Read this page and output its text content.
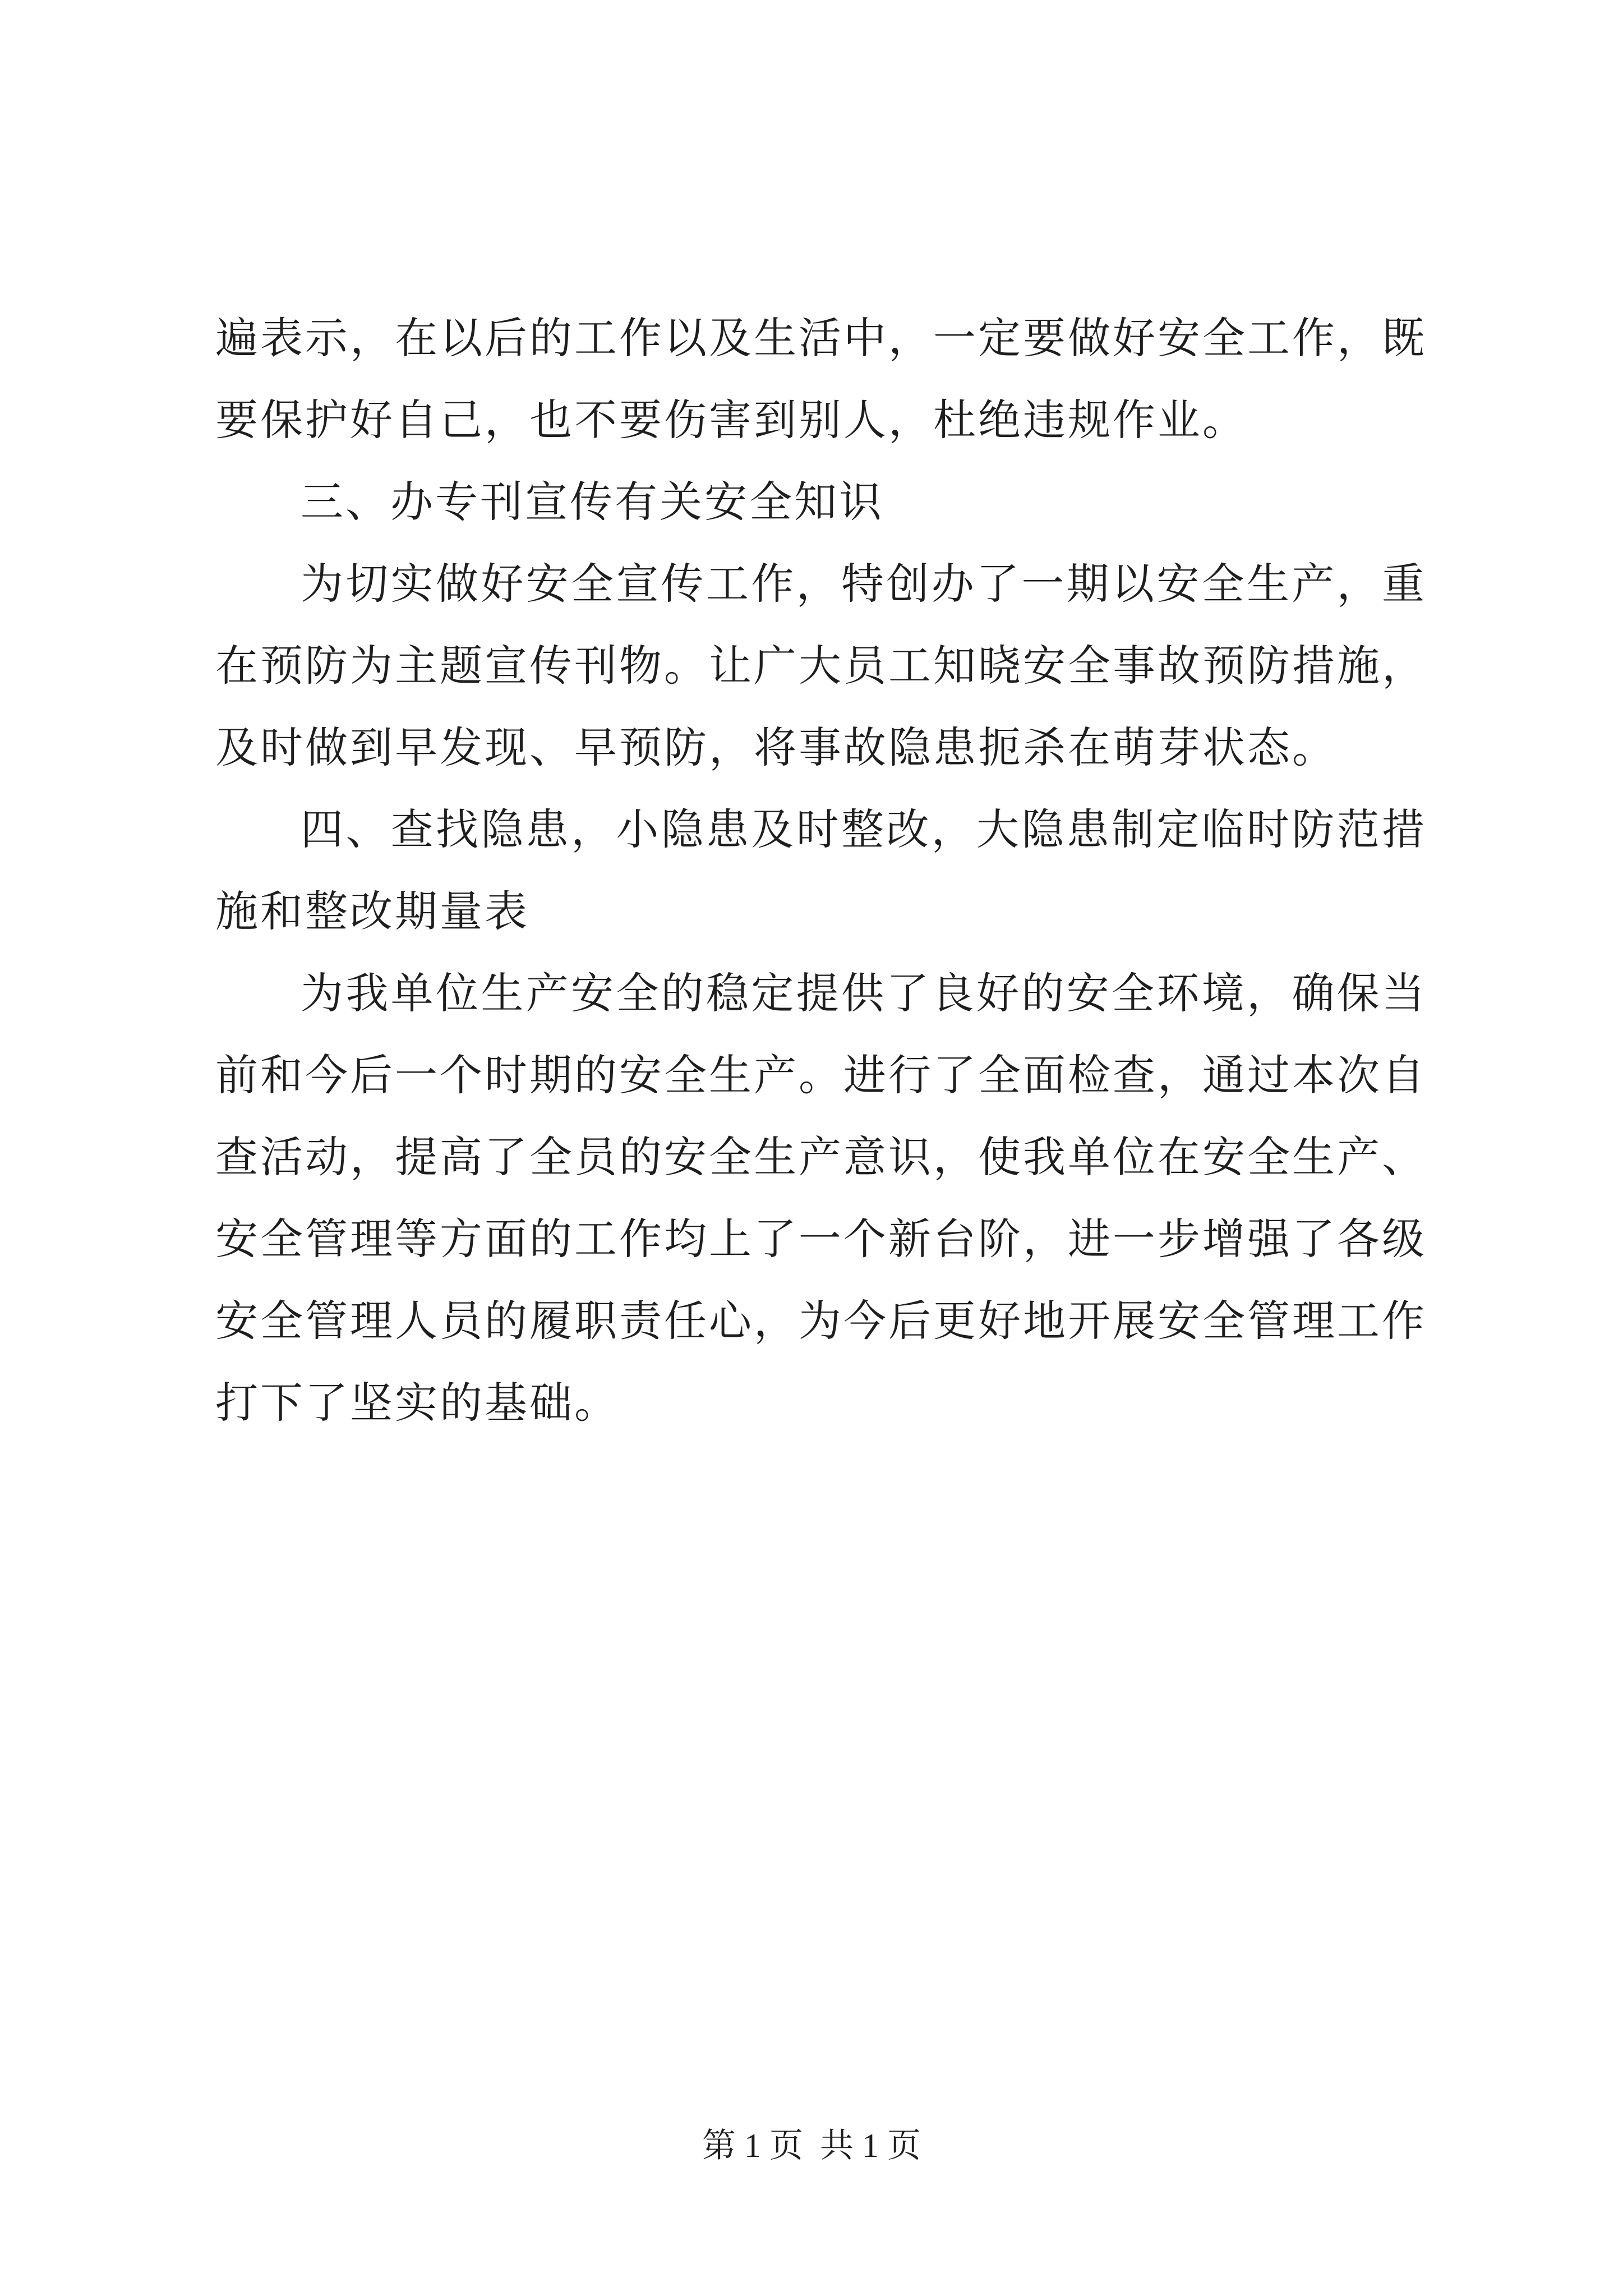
遍表示，在以后的工作以及生活中，一定要做好安全工作，既要保护好自己，也不要伤害到别人，杜绝违规作业。

三、办专刊宣传有关安全知识

为切实做好安全宣传工作，特创办了一期以安全生产，重在预防为主题宣传刊物。让广大员工知晓安全事故预防措施，及时做到早发现、早预防，将事故隐患扼杀在萌芽状态。

四、查找隐患，小隐患及时整改，大隐患制定临时防范措施和整改期量表

为我单位生产安全的稳定提供了良好的安全环境，确保当前和今后一个时期的安全生产。进行了全面检查，通过本次自查活动，提高了全员的安全生产意识，使我单位在安全生产、安全管理等方面的工作均上了一个新台阶，进一步增强了各级安全管理人员的履职责任心，为今后更好地开展安全管理工作打下了坚实的基础。

第 1 页  共 1 页
